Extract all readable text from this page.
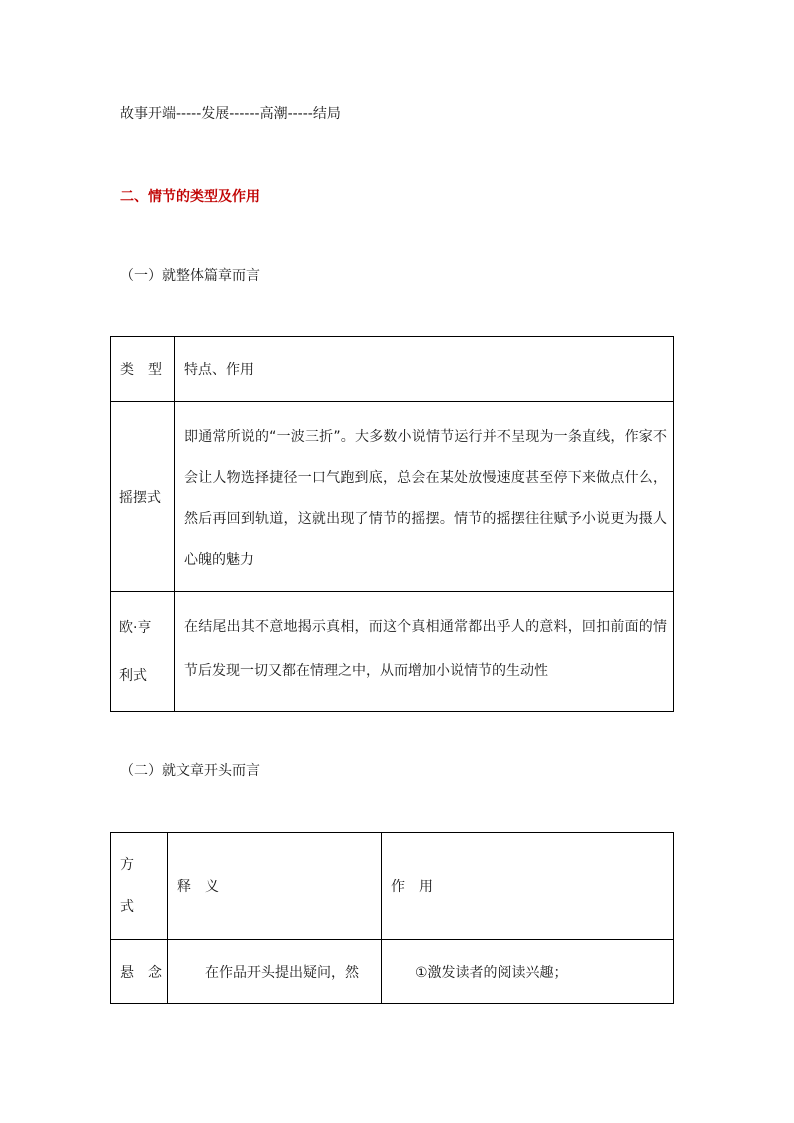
故事开端-----发展------高潮-----结局
二、情节的类型及作用
（一）就整体篇章而言
类　型	特点、作用
摇摆式	即通常所说的“一波三折”。大多数小说情节运行并不呈现为一条直线，作家不会让人物选择捷径一口气跑到底，总会在某处放慢速度甚至停下来做点什么，然后再回到轨道，这就出现了情节的摇摆。情节的摇摆往往赋予小说更为摄人心魄的魅力

欧·亨利式	在结尾出其不意地揭示真相，而这个真相通常都出乎人的意料，回扣前面的情节后发现一切又都在情理之中，从而增加小说情节的生动性
（二）就文章开头而言
方式	释　义	作　用
悬　念	在作品开头提出疑问，然	①激发读者的阅读兴趣；
